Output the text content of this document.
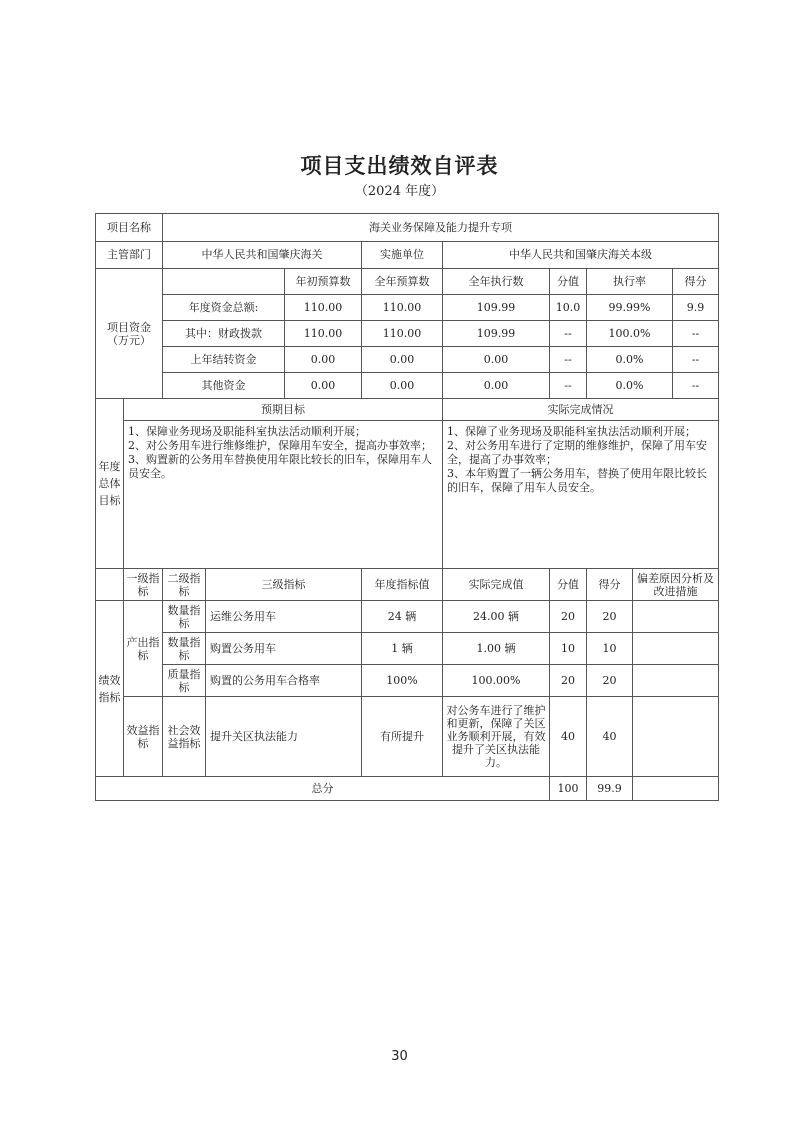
项目支出绩效自评表
（2024 年度）
项目名称		海关业务保障及能力提升专项								
主管部门		中华人民共和国肇庆海关			实施单位	中华人民共和国肇庆海关本级				
项目资金（万元）				年初预算数	全年预算数	全年执行数	分值	执行率		得分
		年度资金总额:		110.00	110.00	109.99	10.0	99.99%		9.9
		其中：财政拨款		110.00	110.00	109.99	--	100.0%		--
		上年结转资金		0.00	0.00	0.00	--	0.0%		--
		其他资金		0.00	0.00	0.00	--	0.0%		--
年度总体目标	预期目标					实际完成情况				
	1、保障业务现场及职能科室执法活动顺利开展；
2、对公务用车进行维修维护，保障用车安全，提高办事效率；
3、购置新的公务用车替换使用年限比较长的旧车，保障用车人员安全。					1、保障了业务现场及职能科室执法活动顺利开展；
2、对公务用车进行了定期的维修维护，保障了用车安全，提高了办事效率；
3、本年购置了一辆公务用车，替换了使用年限比较长的旧车，保障了用车人员安全。				
	一级指标	二级指标	三级指标		年度指标值	实际完成值	分值	得分	偏差原因分析及改进措施	
绩效指标	产出指标	数量指标	运维公务用车		24 辆	24.00 辆	20	20		
		数量指标	购置公务用车		1 辆	1.00 辆	10	10		
		质量指标	购置的公务用车合格率		100%	100.00%	20	20		
	效益指标	社会效益指标	提升关区执法能力		有所提升	对公务车进行了维护和更新，保障了关区业务顺利开展，有效提升了关区执法能力。	40	40		
总分							100	99.9		
30
